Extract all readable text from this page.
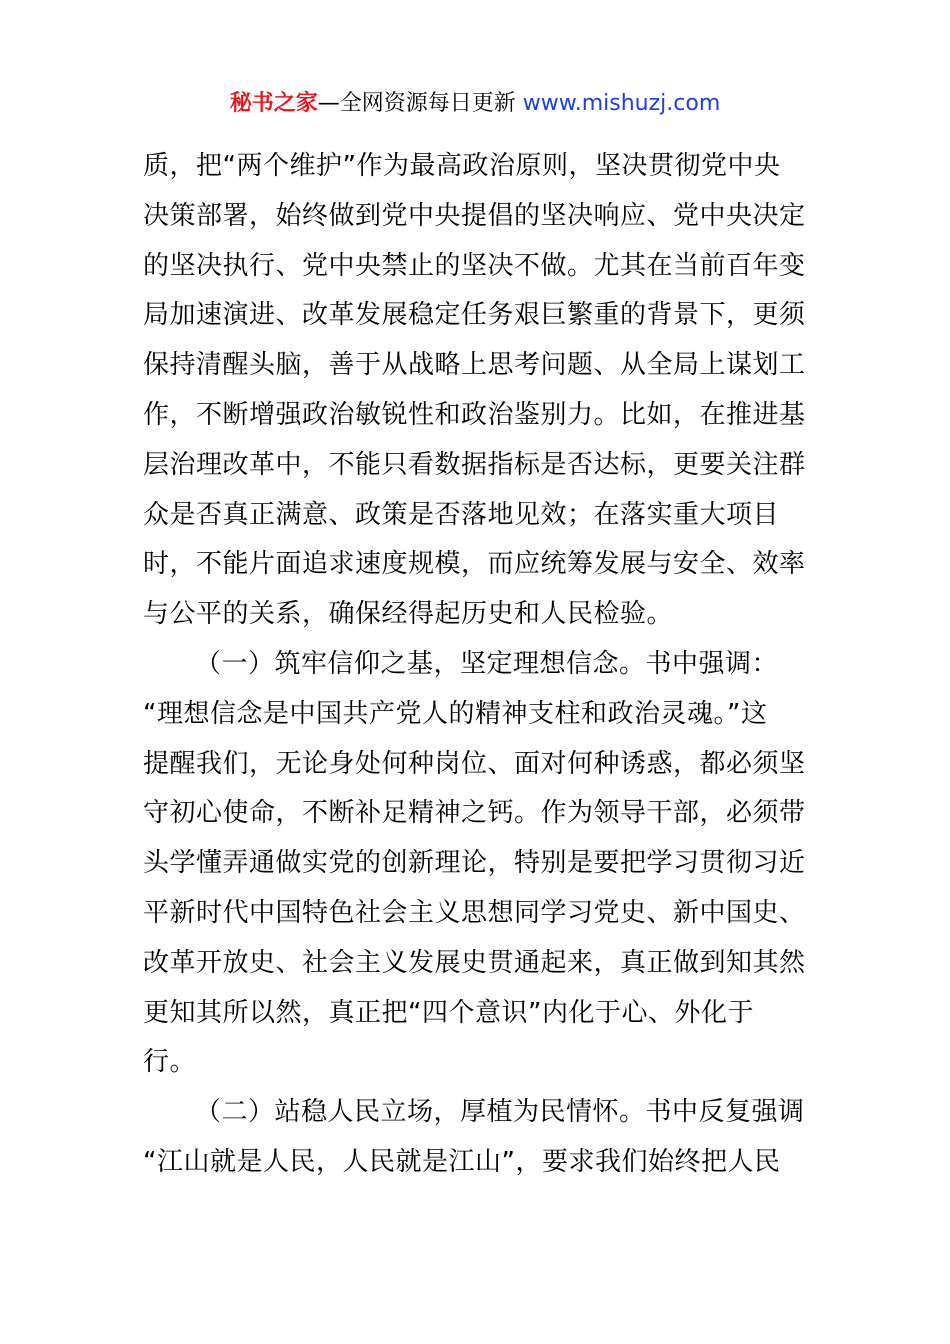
秘书之家—全网资源每日更新 www.mishuzj.com

质，把“两个维护”作为最高政治原则，坚决贯彻党中央
决策部署，始终做到党中央提倡的坚决响应、党中央决定
的坚决执行、党中央禁止的坚决不做。尤其在当前百年变
局加速演进、改革发展稳定任务艰巨繁重的背景下，更须
保持清醒头脑，善于从战略上思考问题、从全局上谋划工
作，不断增强政治敏锐性和政治鉴别力。比如，在推进基
层治理改革中，不能只看数据指标是否达标，更要关注群
众是否真正满意、政策是否落地见效；在落实重大项目
时，不能片面追求速度规模，而应统筹发展与安全、效率
与公平的关系，确保经得起历史和人民检验。

（一）筑牢信仰之基，坚定理想信念。书中强调：
“理想信念是中国共产党人的精神支柱和政治灵魂。”这
提醒我们，无论身处何种岗位、面对何种诱惑，都必须坚
守初心使命，不断补足精神之钙。作为领导干部，必须带
头学懂弄通做实党的创新理论，特别是要把学习贯彻习近
平新时代中国特色社会主义思想同学习党史、新中国史、
改革开放史、社会主义发展史贯通起来，真正做到知其然
更知其所以然，真正把“四个意识”内化于心、外化于
行。

（二）站稳人民立场，厚植为民情怀。书中反复强调
“江山就是人民，人民就是江山”，要求我们始终把人民
